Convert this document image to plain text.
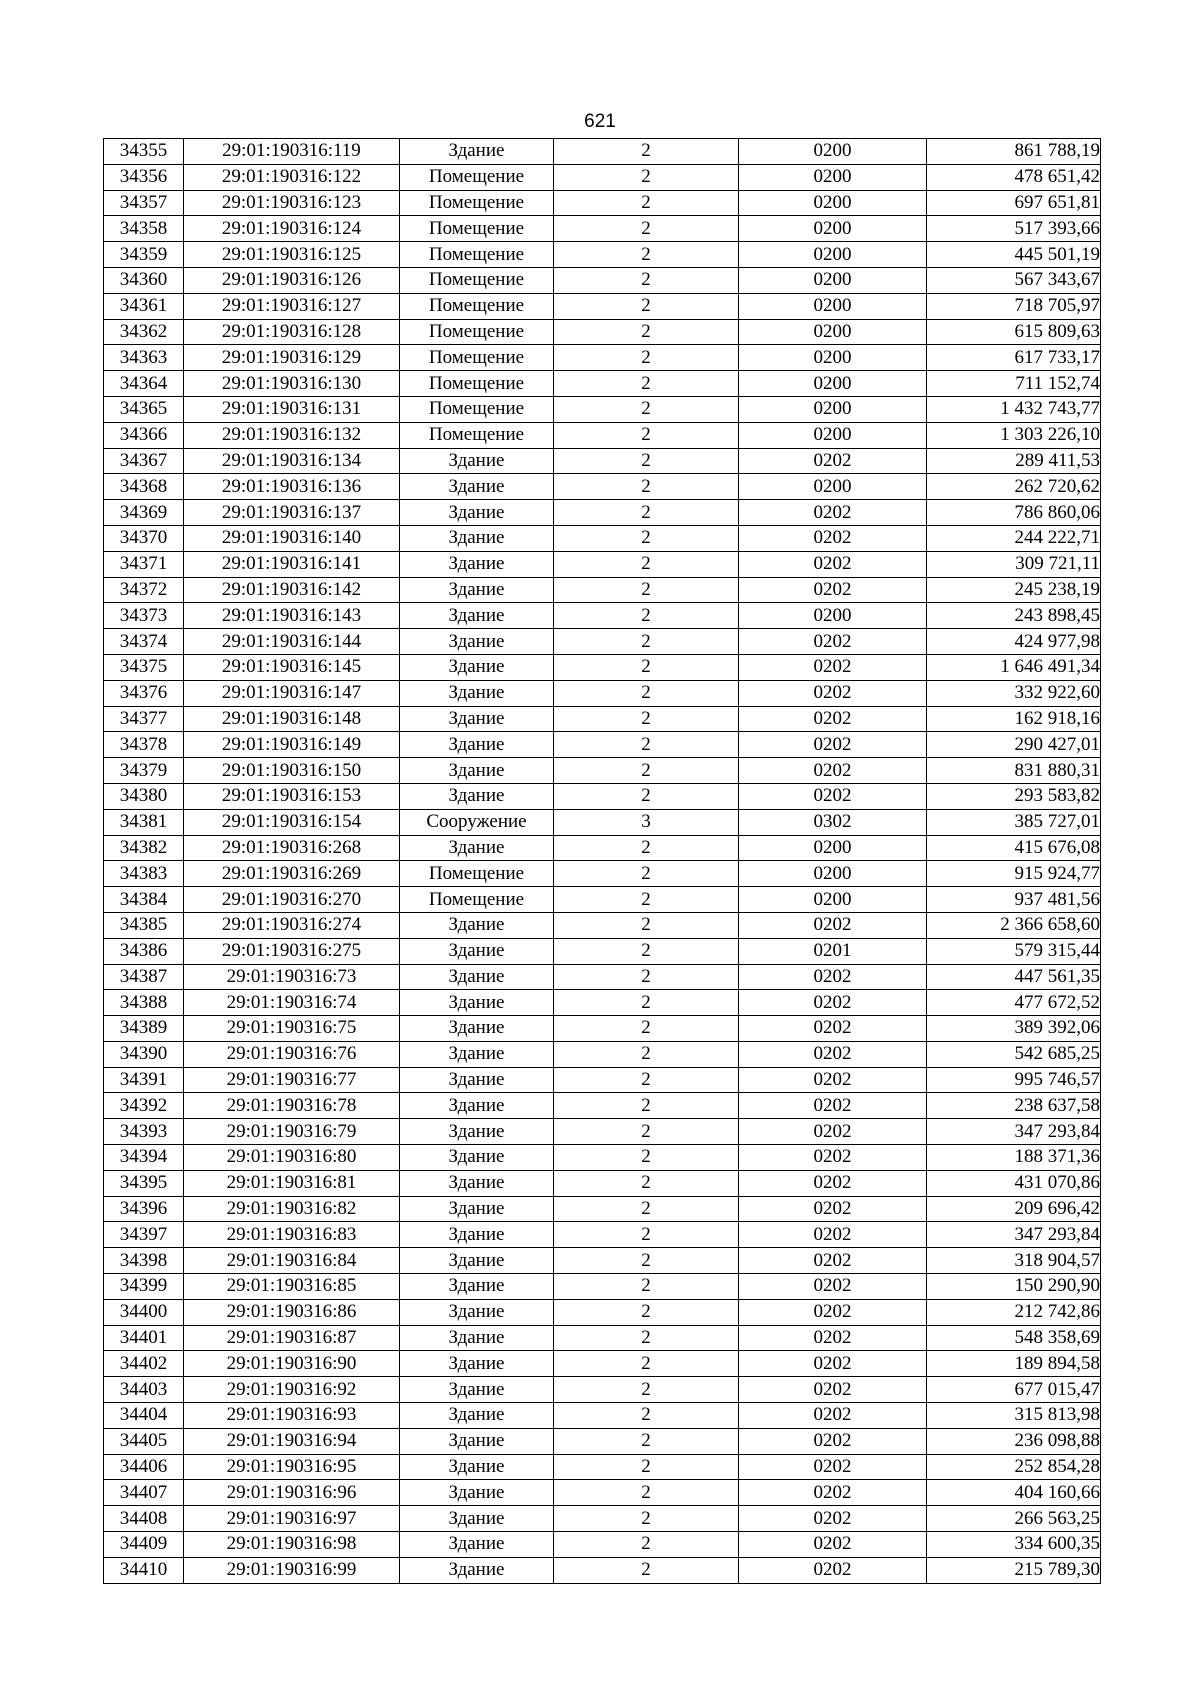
621
34355	29:01:190316:119	Здание	2	0200	861 788,19
34356	29:01:190316:122	Помещение	2	0200	478 651,42
34357	29:01:190316:123	Помещение	2	0200	697 651,81
34358	29:01:190316:124	Помещение	2	0200	517 393,66
34359	29:01:190316:125	Помещение	2	0200	445 501,19
34360	29:01:190316:126	Помещение	2	0200	567 343,67
34361	29:01:190316:127	Помещение	2	0200	718 705,97
34362	29:01:190316:128	Помещение	2	0200	615 809,63
34363	29:01:190316:129	Помещение	2	0200	617 733,17
34364	29:01:190316:130	Помещение	2	0200	711 152,74
34365	29:01:190316:131	Помещение	2	0200	1 432 743,77
34366	29:01:190316:132	Помещение	2	0200	1 303 226,10
34367	29:01:190316:134	Здание	2	0202	289 411,53
34368	29:01:190316:136	Здание	2	0200	262 720,62
34369	29:01:190316:137	Здание	2	0202	786 860,06
34370	29:01:190316:140	Здание	2	0202	244 222,71
34371	29:01:190316:141	Здание	2	0202	309 721,11
34372	29:01:190316:142	Здание	2	0202	245 238,19
34373	29:01:190316:143	Здание	2	0200	243 898,45
34374	29:01:190316:144	Здание	2	0202	424 977,98
34375	29:01:190316:145	Здание	2	0202	1 646 491,34
34376	29:01:190316:147	Здание	2	0202	332 922,60
34377	29:01:190316:148	Здание	2	0202	162 918,16
34378	29:01:190316:149	Здание	2	0202	290 427,01
34379	29:01:190316:150	Здание	2	0202	831 880,31
34380	29:01:190316:153	Здание	2	0202	293 583,82
34381	29:01:190316:154	Сооружение	3	0302	385 727,01
34382	29:01:190316:268	Здание	2	0200	415 676,08
34383	29:01:190316:269	Помещение	2	0200	915 924,77
34384	29:01:190316:270	Помещение	2	0200	937 481,56
34385	29:01:190316:274	Здание	2	0202	2 366 658,60
34386	29:01:190316:275	Здание	2	0201	579 315,44
34387	29:01:190316:73	Здание	2	0202	447 561,35
34388	29:01:190316:74	Здание	2	0202	477 672,52
34389	29:01:190316:75	Здание	2	0202	389 392,06
34390	29:01:190316:76	Здание	2	0202	542 685,25
34391	29:01:190316:77	Здание	2	0202	995 746,57
34392	29:01:190316:78	Здание	2	0202	238 637,58
34393	29:01:190316:79	Здание	2	0202	347 293,84
34394	29:01:190316:80	Здание	2	0202	188 371,36
34395	29:01:190316:81	Здание	2	0202	431 070,86
34396	29:01:190316:82	Здание	2	0202	209 696,42
34397	29:01:190316:83	Здание	2	0202	347 293,84
34398	29:01:190316:84	Здание	2	0202	318 904,57
34399	29:01:190316:85	Здание	2	0202	150 290,90
34400	29:01:190316:86	Здание	2	0202	212 742,86
34401	29:01:190316:87	Здание	2	0202	548 358,69
34402	29:01:190316:90	Здание	2	0202	189 894,58
34403	29:01:190316:92	Здание	2	0202	677 015,47
34404	29:01:190316:93	Здание	2	0202	315 813,98
34405	29:01:190316:94	Здание	2	0202	236 098,88
34406	29:01:190316:95	Здание	2	0202	252 854,28
34407	29:01:190316:96	Здание	2	0202	404 160,66
34408	29:01:190316:97	Здание	2	0202	266 563,25
34409	29:01:190316:98	Здание	2	0202	334 600,35
34410	29:01:190316:99	Здание	2	0202	215 789,30
